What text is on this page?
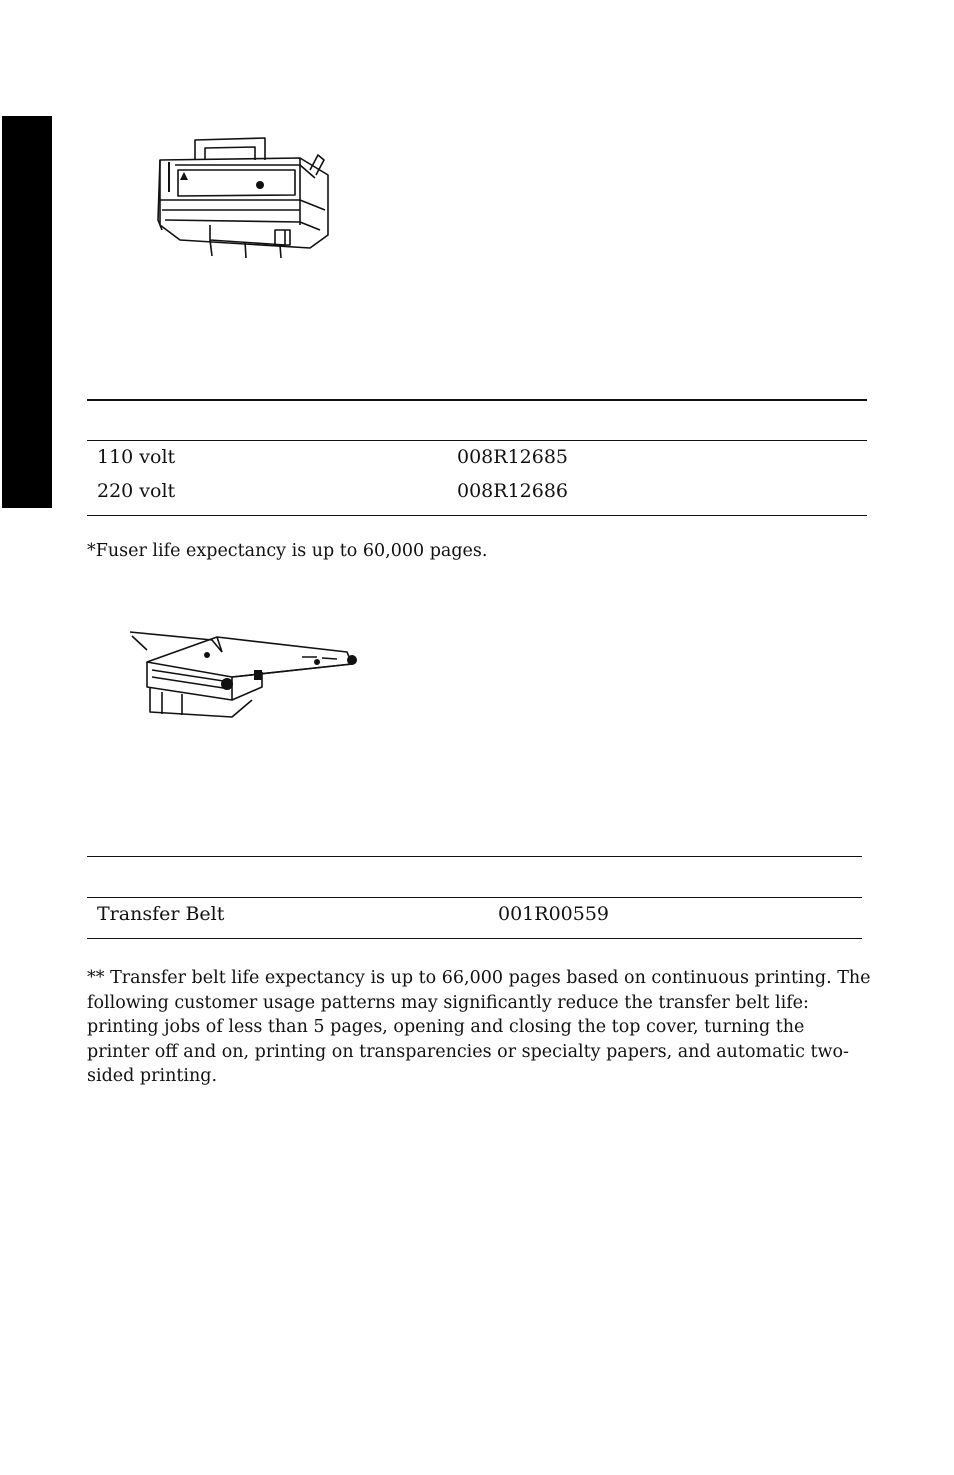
110 volt	008R12685
220 volt	008R12686
*Fuser life expectancy is up to 60,000 pages.
Transfer Belt	001R00559
** Transfer belt life expectancy is up to 66,000 pages based on continuous printing. The following customer usage patterns may significantly reduce the transfer belt life: printing jobs of less than 5 pages, opening and closing the top cover, turning the printer off and on, printing on transparencies or specialty papers, and automatic two-sided printing.
